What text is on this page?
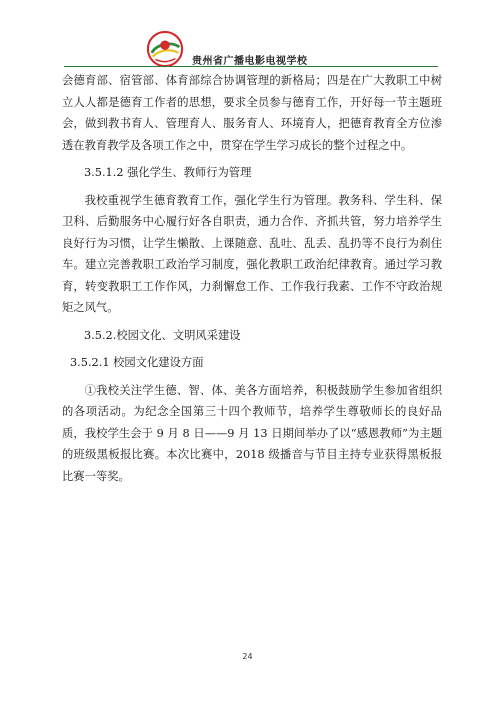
贵州省广播电影电视学校

会德育部、宿管部、体育部综合协调管理的新格局；四是在广大教职工中树立人人都是德育工作者的思想，要求全员参与德育工作，开好每一节主题班会，做到教书育人、管理育人、服务育人、环境育人，把德育教育全方位渗透在教育教学及各项工作之中，贯穿在学生学习成长的整个过程之中。

3.5.1.2 强化学生、教师行为管理

我校重视学生德育教育工作，强化学生行为管理。教务科、学生科、保卫科、后勤服务中心履行好各自职责，通力合作、齐抓共管，努力培养学生良好行为习惯，让学生懒散、上课随意、乱吐、乱丢、乱扔等不良行为刹住车。建立完善教职工政治学习制度，强化教职工政治纪律教育。通过学习教育，转变教职工工作作风，力刹懈怠工作、工作我行我素、工作不守政治规矩之风气。

3.5.2.校园文化、文明风采建设

3.5.2.1 校园文化建设方面

①我校关注学生德、智、体、美各方面培养，积极鼓励学生参加省组织的各项活动。为纪念全国第三十四个教师节，培养学生尊敬师长的良好品质，我校学生会于 9 月 8 日——9 月 13 日期间举办了以“感恩教师”为主题的班级黑板报比赛。本次比赛中，2018 级播音与节目主持专业获得黑板报比赛一等奖。

24
